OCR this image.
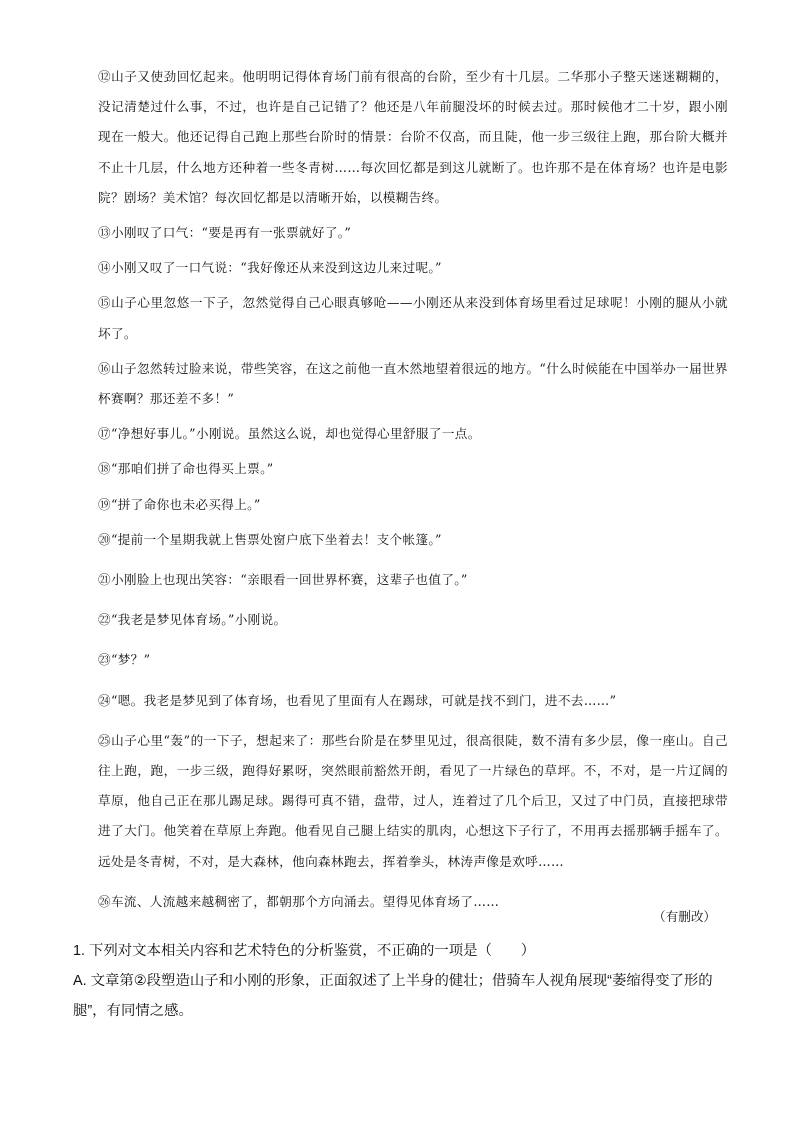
⑫山子又使劲回忆起来。他明明记得体育场门前有很高的台阶，至少有十几层。二华那小子整天迷迷糊糊的，没记清楚过什么事，不过，也许是自己记错了？他还是八年前腿没坏的时候去过。那时候他才二十岁，跟小刚现在一般大。他还记得自己跑上那些台阶时的情景：台阶不仅高，而且陡，他一步三级往上跑，那台阶大概并不止十几层，什么地方还种着一些冬青树……每次回忆都是到这儿就断了。也许那不是在体育场？也许是电影院？剧场？美术馆？每次回忆都是以清晰开始，以模糊告终。

⑬小刚叹了口气：“要是再有一张票就好了。”

⑭小刚又叹了一口气说：“我好像还从来没到这边儿来过呢。”

⑮山子心里忽悠一下子，忽然觉得自己心眼真够呛——小刚还从来没到体育场里看过足球呢！小刚的腿从小就坏了。

⑯山子忽然转过脸来说，带些笑容，在这之前他一直木然地望着很远的地方。“什么时候能在中国举办一届世界杯赛啊？那还差不多！”

⑰“净想好事儿。”小刚说。虽然这么说，却也觉得心里舒服了一点。

⑱“那咱们拼了命也得买上票。”

⑲“拼了命你也未必买得上。”

⑳“提前一个星期我就上售票处窗户底下坐着去！支个帐篷。”

㉑小刚脸上也现出笑容：“亲眼看一回世界杯赛，这辈子也值了。”

㉒“我老是梦见体育场。”小刚说。

㉓“梦？”

㉔“嗯。我老是梦见到了体育场，也看见了里面有人在踢球，可就是找不到门，进不去……”

㉕山子心里“轰”的一下子，想起来了：那些台阶是在梦里见过，很高很陡，数不清有多少层，像一座山。自己往上跑，跑，一步三级，跑得好累呀，突然眼前豁然开朗，看见了一片绿色的草坪。不，不对，是一片辽阔的草原，他自己正在那儿踢足球。踢得可真不错，盘带，过人，连着过了几个后卫，又过了中门员，直接把球带进了大门。他笑着在草原上奔跑。他看见自己腿上结实的肌肉，心想这下子行了，不用再去摇那辆手摇车了。远处是冬青树，不对，是大森林，他向森林跑去，挥着拳头，林涛声像是欢呼……

㉖车流、人流越来越稠密了，都朝那个方向涌去。望得见体育场了……

（有删改）

1. 下列对文本相关内容和艺术特色的分析鉴赏，不正确的一项是（　　）

A. 文章第②段塑造山子和小刚的形象，正面叙述了上半身的健壮；借骑车人视角展现“萎缩得变了形的腿”，有同情之感。
